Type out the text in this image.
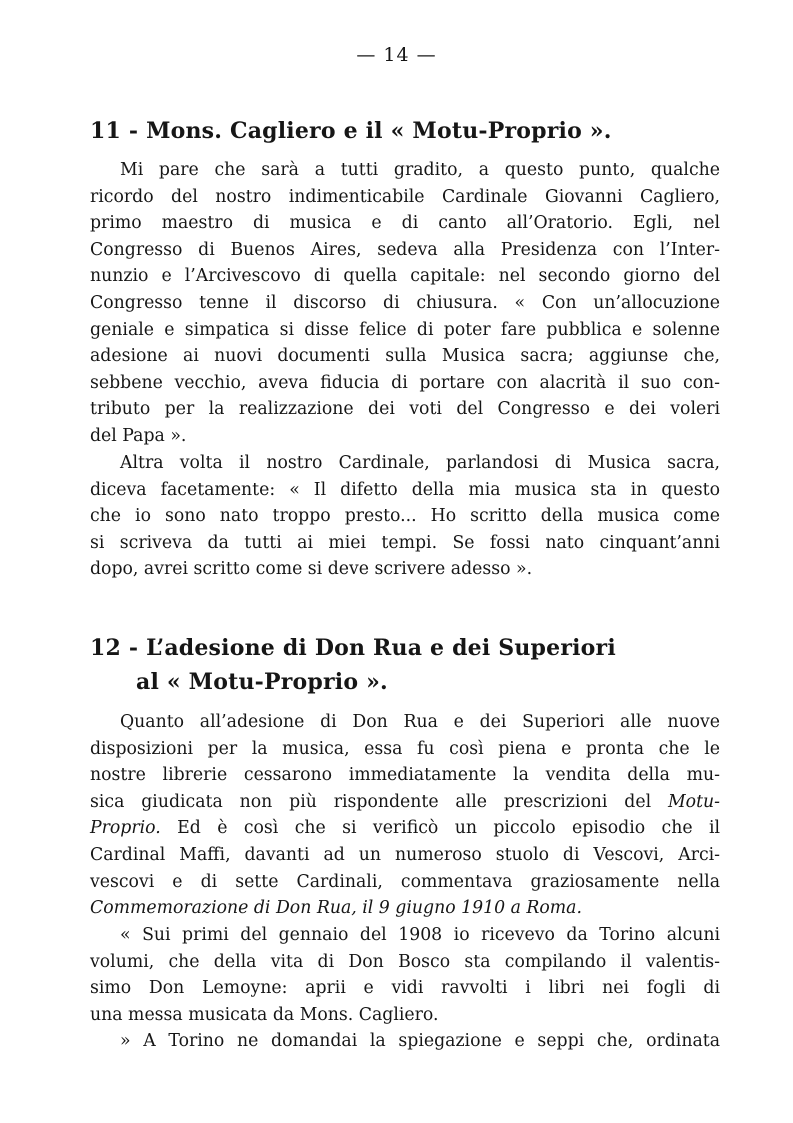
— 14 —
11 - Mons. Cagliero e il « Motu-Proprio ».
Mi pare che sarà a tutti gradito, a questo punto, qualche
ricordo del nostro indimenticabile Cardinale Giovanni Cagliero,
primo maestro di musica e di canto all’Oratorio. Egli, nel
Congresso di Buenos Aires, sedeva alla Presidenza con l’Inter-
nunzio e l’Arcivescovo di quella capitale: nel secondo giorno del
Congresso tenne il discorso di chiusura. « Con un’allocuzione
geniale e simpatica si disse felice di poter fare pubblica e solenne
adesione ai nuovi documenti sulla Musica sacra; aggiunse che,
sebbene vecchio, aveva fiducia di portare con alacrità il suo con-
tributo per la realizzazione dei voti del Congresso e dei voleri
del Papa ».
Altra volta il nostro Cardinale, parlandosi di Musica sacra,
diceva facetamente: « Il difetto della mia musica sta in questo
che io sono nato troppo presto... Ho scritto della musica come
si scriveva da tutti ai miei tempi. Se fossi nato cinquant’anni
dopo, avrei scritto come si deve scrivere adesso ».
12 - L’adesione di Don Rua e dei Superiori
al « Motu-Proprio ».
Quanto all’adesione di Don Rua e dei Superiori alle nuove
disposizioni per la musica, essa fu così piena e pronta che le
nostre librerie cessarono immediatamente la vendita della mu-
sica giudicata non più rispondente alle prescrizioni del Motu-
Proprio. Ed è così che si verificò un piccolo episodio che il
Cardinal Maffi, davanti ad un numeroso stuolo di Vescovi, Arci-
vescovi e di sette Cardinali, commentava graziosamente nella
Commemorazione di Don Rua, il 9 giugno 1910 a Roma.
« Sui primi del gennaio del 1908 io ricevevo da Torino alcuni
volumi, che della vita di Don Bosco sta compilando il valentis-
simo Don Lemoyne: aprii e vidi ravvolti i libri nei fogli di
una messa musicata da Mons. Cagliero.
» A Torino ne domandai la spiegazione e seppi che, ordinata
